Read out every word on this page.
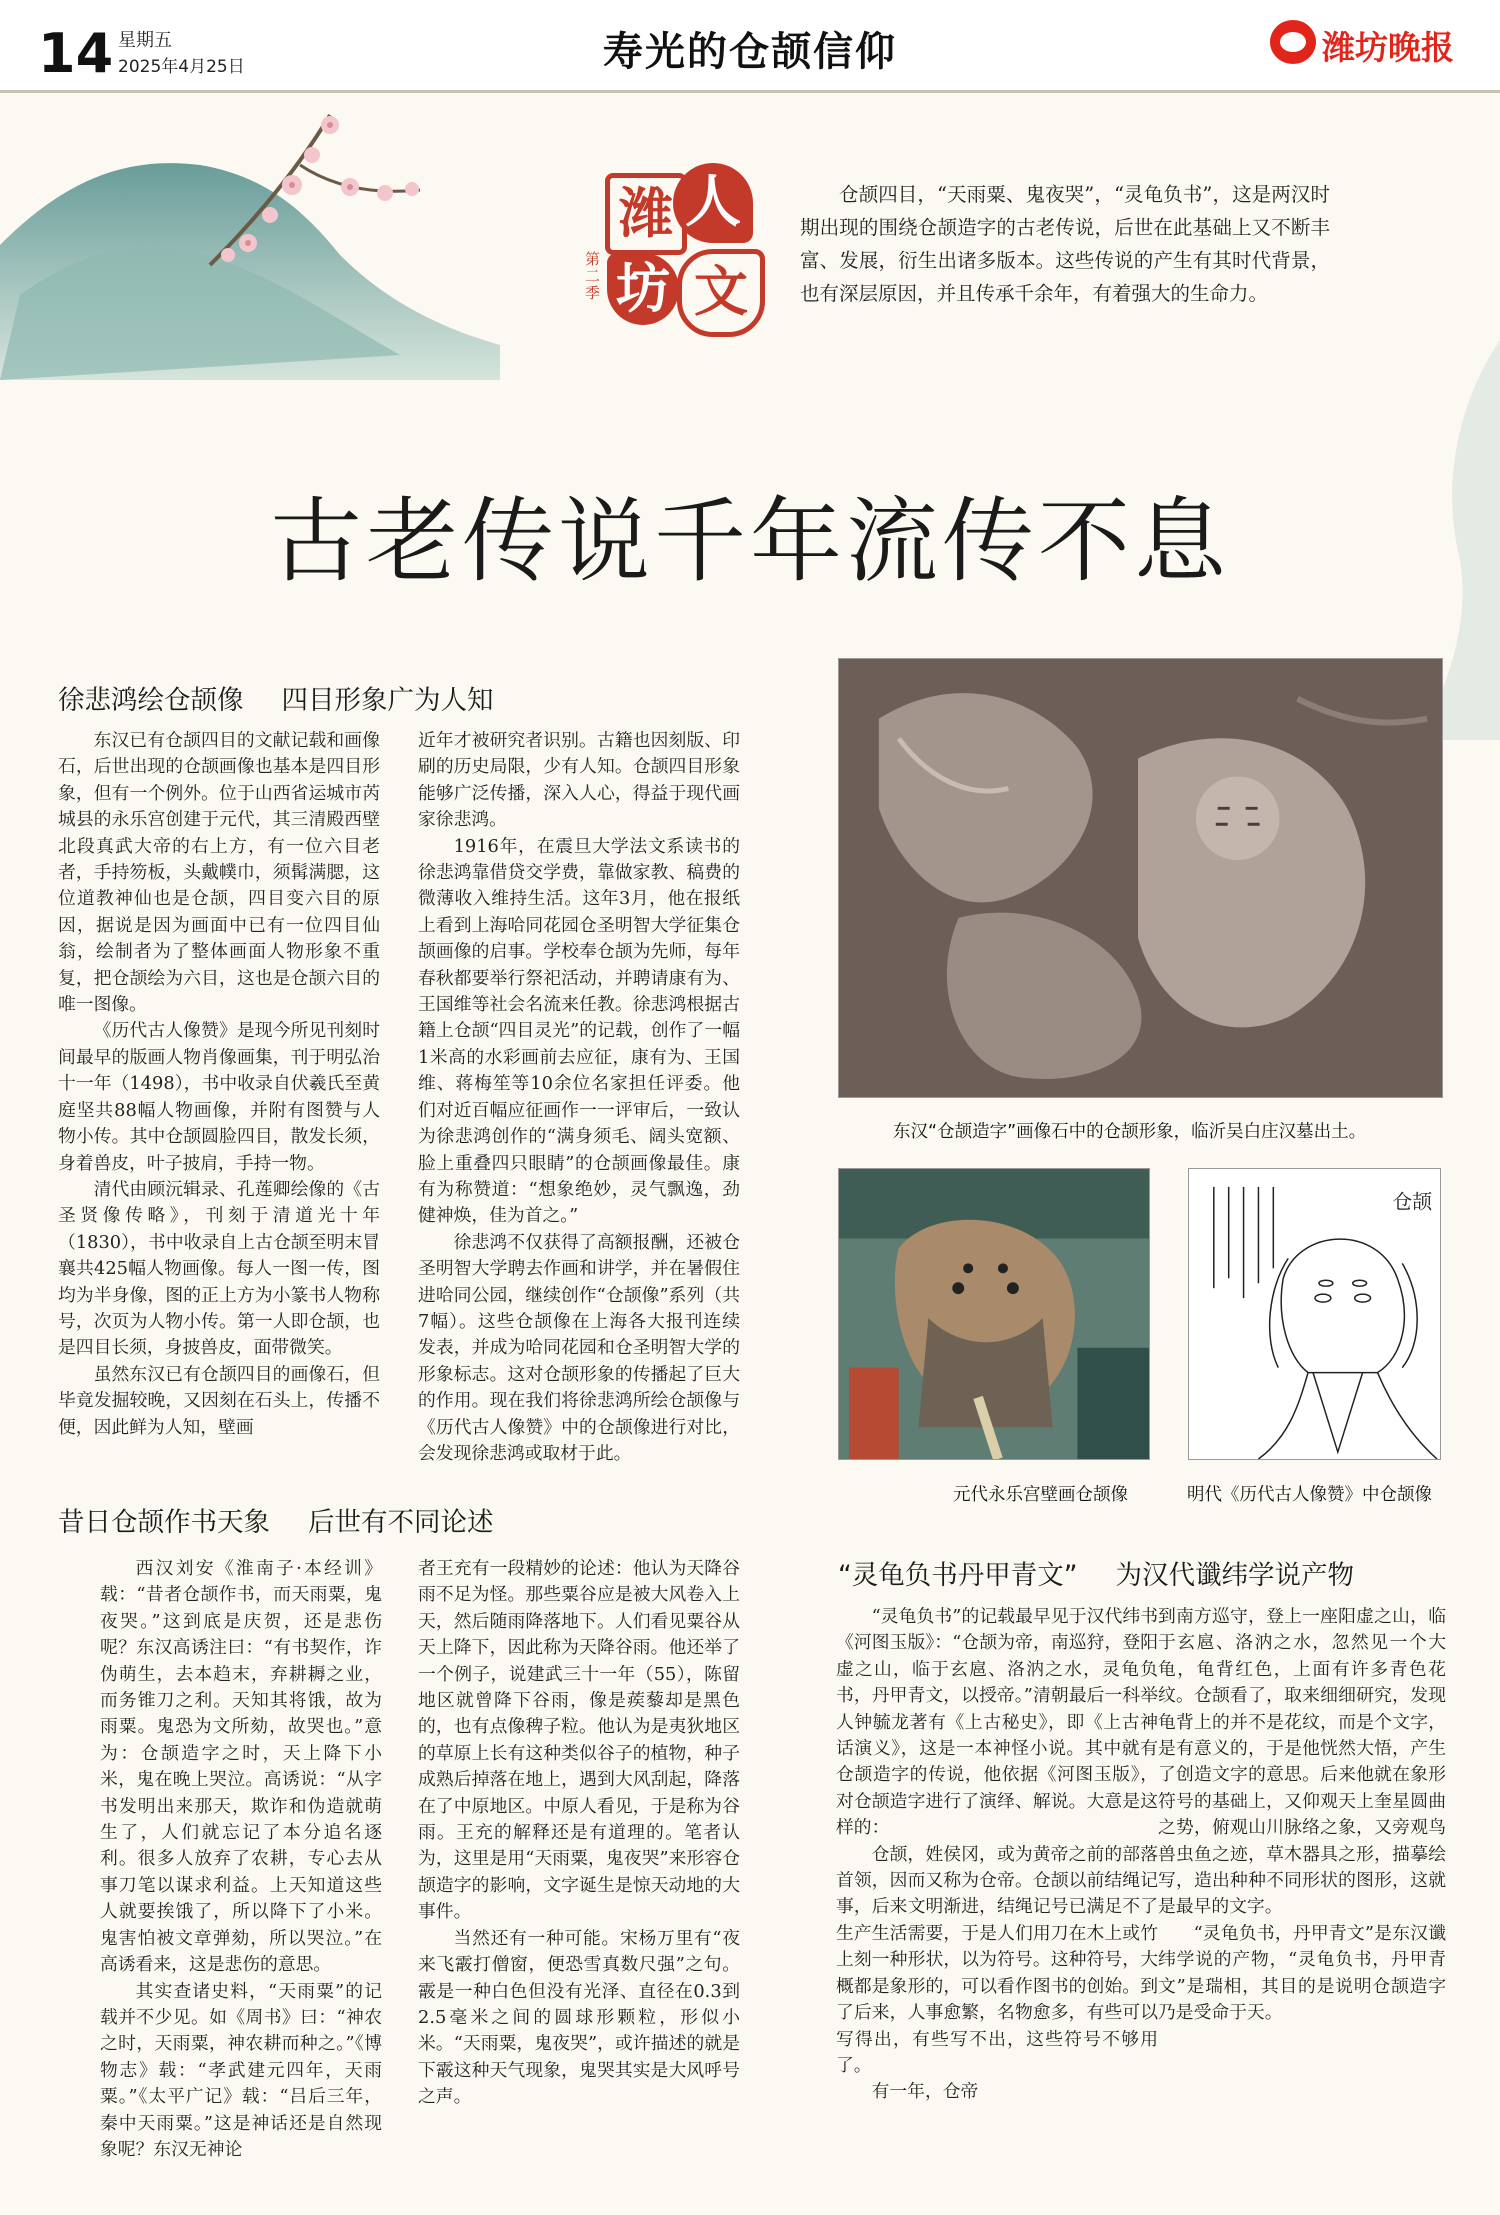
14 星期五
2025年4月25日	寿光的仓颉信仰	潍坊晚报
潍 人
坊 文
第二季
仓颉四目，“天雨粟、鬼夜哭”，“灵龟负书”，这是两汉时期出现的围绕仓颉造字的古老传说，后世在此基础上又不断丰富、发展，衍生出诸多版本。这些传说的产生有其时代背景，也有深层原因，并且传承千余年，有着强大的生命力。
古老传说千年流传不息
徐悲鸿绘仓颉像 四目形象广为人知
昔日仓颉作书天象 后世有不同论述
“灵龟负书丹甲青文” 为汉代谶纬学说产物

东汉已有仓颉四目的文献记载和画像石，后世出现的仓颉画像也基本是四目形象，但有一个例外。位于山西省运城市芮城县的永乐宫创建于元代，其三清殿西壁北段真武大帝的右上方，有一位六目老者，手持笏板，头戴幞巾，须髯满腮，这位道教神仙也是仓颉，四目变六目的原因，据说是因为画面中已有一位四目仙翁，绘制者为了整体画面人物形象不重复，把仓颉绘为六目，这也是仓颉六目的唯一图像。

《历代古人像赞》是现今所见刊刻时间最早的版画人物肖像画集，刊于明弘治十一年（1498），书中收录自伏羲氏至黄庭坚共88幅人物画像，并附有图赞与人物小传。其中仓颉圆脸四目，散发长须，身着兽皮，叶子披肩，手持一物。

清代由顾沅辑录、孔莲卿绘像的《古圣贤像传略》，刊刻于清道光十年（1830），书中收录自上古仓颉至明末冒襄共425幅人物画像。每人一图一传，图均为半身像，图的正上方为小篆书人物称号，次页为人物小传。第一人即仓颉，也是四目长须，身披兽皮，面带微笑。

虽然东汉已有仓颉四目的画像石，但毕竟发掘较晚，又因刻在石头上，传播不便，因此鲜为人知，壁画

近年才被研究者识别。古籍也因刻版、印刷的历史局限，少有人知。仓颉四目形象能够广泛传播，深入人心，得益于现代画家徐悲鸿。

1916年，在震旦大学法文系读书的徐悲鸿靠借贷交学费，靠做家教、稿费的微薄收入维持生活。这年3月，他在报纸上看到上海哈同花园仓圣明智大学征集仓颉画像的启事。学校奉仓颉为先师，每年春秋都要举行祭祀活动，并聘请康有为、王国维等社会名流来任教。徐悲鸿根据古籍上仓颉“四目灵光”的记载，创作了一幅1米高的水彩画前去应征，康有为、王国维、蒋梅笙等10余位名家担任评委。他们对近百幅应征画作一一评审后，一致认为徐悲鸿创作的“满身须毛、阔头宽额、脸上重叠四只眼睛”的仓颉画像最佳。康有为称赞道：“想象绝妙，灵气飘逸，劲健神焕，佳为首之。”

徐悲鸿不仅获得了高额报酬，还被仓圣明智大学聘去作画和讲学，并在暑假住进哈同公园，继续创作“仓颉像”系列（共7幅）。这些仓颉像在上海各大报刊连续发表，并成为哈同花园和仓圣明智大学的形象标志。这对仓颉形象的传播起了巨大的作用。现在我们将徐悲鸿所绘仓颉像与《历代古人像赞》中的仓颉像进行对比，会发现徐悲鸿或取材于此。

西汉刘安《淮南子·本经训》载：“昔者仓颉作书，而天雨粟，鬼夜哭。”这到底是庆贺，还是悲伤呢？东汉高诱注曰：“有书契作，诈伪萌生，去本趋末，弃耕耨之业，而务锥刀之利。天知其将饿，故为雨粟。鬼恐为文所劾，故哭也。”意为：仓颉造字之时，天上降下小米，鬼在晚上哭泣。高诱说：“从字书发明出来那天，欺诈和伪造就萌生了，人们就忘记了本分追名逐利。很多人放弃了农耕，专心去从事刀笔以谋求利益。上天知道这些人就要挨饿了，所以降下了小米。鬼害怕被文章弹劾，所以哭泣。”在高诱看来，这是悲伤的意思。

其实查诸史料，“天雨粟”的记载并不少见。如《周书》曰：“神农之时，天雨粟，神农耕而种之。”《博物志》载：“孝武建元四年，天雨粟。”《太平广记》载：“吕后三年，秦中天雨粟。”这是神话还是自然现象呢？东汉无神论

者王充有一段精妙的论述：他认为天降谷雨不足为怪。那些粟谷应是被大风卷入上天，然后随雨降落地下。人们看见粟谷从天上降下，因此称为天降谷雨。他还举了一个例子，说建武三十一年（55），陈留地区就曾降下谷雨，像是蒺藜却是黑色的，也有点像稗子粒。他认为是夷狄地区的草原上长有这种类似谷子的植物，种子成熟后掉落在地上，遇到大风刮起，降落在了中原地区。中原人看见，于是称为谷雨。王充的解释还是有道理的。笔者认为，这里是用“天雨粟，鬼夜哭”来形容仓颉造字的影响，文字诞生是惊天动地的大事件。

当然还有一种可能。宋杨万里有“夜来飞霰打僧窗，便恐雪真数尺强”之句。霰是一种白色但没有光泽、直径在0.3到2.5毫米之间的圆球形颗粒，形似小米。“天雨粟，鬼夜哭”，或许描述的就是下霰这种天气现象，鬼哭其实是大风呼号之声。

“灵龟负书”的记载最早见于汉代纬书《河图玉版》：“仓颉为帝，南巡狩，登阳虚之山，临于玄扈、洛汭之水，灵龟负书，丹甲青文，以授帝。”清朝最后一科举人钟毓龙著有《上古秘史》，即《上古神话演义》，这是一本神怪小说。其中就有仓颉造字的传说，他依据《河图玉版》，对仓颉造字进行了演绎、解说。大意是这样的：

仓颉，姓侯冈，或为黄帝之前的部落首领，因而又称为仓帝。仓颉以前结绳记事，后来文明渐进，结绳记号已满足不了生产生活需要，于是人们用刀在木上或竹上刻一种形状，以为符号。这种符号，大概都是象形的，可以看作图书的创始。到了后来，人事愈繁，名物愈多，有些可以写得出，有些写不出，这些符号不够用了。

有一年，仓帝

到南方巡守，登上一座阳虚之山，临于玄扈、洛汭之水，忽然见一个大龟，龟背红色，上面有许多青色花纹。仓颉看了，取来细细研究，发现龟背上的并不是花纹，而是个文字，是有意义的，于是他恍然大悟，产生了创造文字的意思。后来他就在象形符号的基础上，又仰观天上奎星圆曲之势，俯观山川脉络之象，又旁观鸟兽虫鱼之迹，草木器具之形，描摹绘写，造出种种不同形状的图形，这就是最早的文字。

“灵龟负书，丹甲青文”是东汉谶纬学说的产物，“灵龟负书，丹甲青文”是瑞相，其目的是说明仓颉造字乃是受命于天。

东汉“仓颉造字”画像石中的仓颉形象，临沂吴白庄汉墓出土。
元代永乐宫壁画仓颉像
仓颉
明代《历代古人像赞》中仓颉像
